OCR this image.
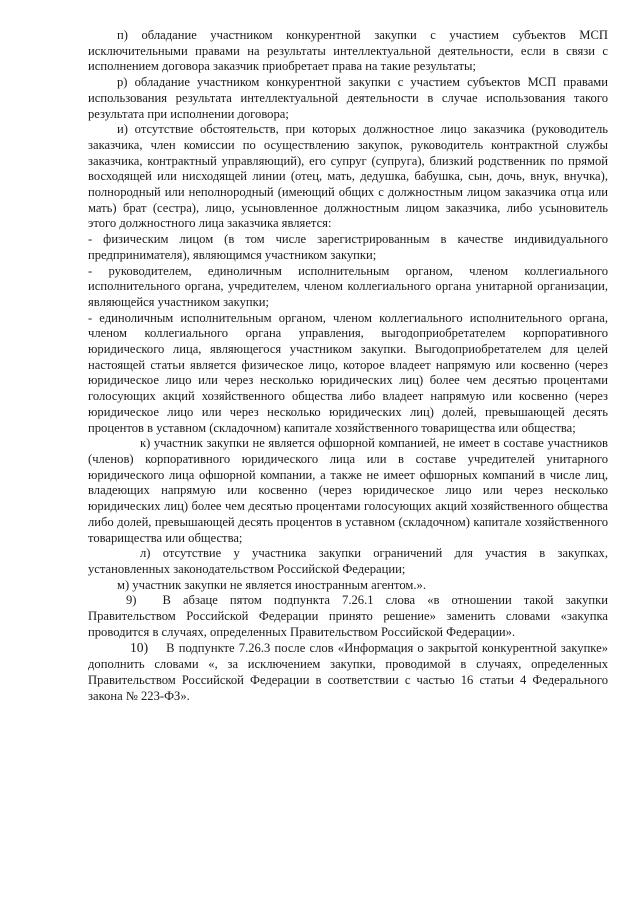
п) обладание участником конкурентной закупки с участием субъектов МСП исключительными правами на результаты интеллектуальной деятельности, если в связи с исполнением договора заказчик приобретает права на такие результаты;

р) обладание участником конкурентной закупки с участием субъектов МСП правами использования результата интеллектуальной деятельности в случае использования такого результата при исполнении договора;

и) отсутствие обстоятельств, при которых должностное лицо заказчика (руководитель заказчика, член комиссии по осуществлению закупок, руководитель контрактной службы заказчика, контрактный управляющий), его супруг (супруга), близкий родственник по прямой восходящей или нисходящей линии (отец, мать, дедушка, бабушка, сын, дочь, внук, внучка), полнородный или неполнородный (имеющий общих с должностным лицом заказчика отца или мать) брат (сестра), лицо, усыновленное должностным лицом заказчика, либо усыновитель этого должностного лица заказчика является:

- физическим лицом (в том числе зарегистрированным в качестве индивидуального предпринимателя), являющимся участником закупки;

- руководителем, единоличным исполнительным органом, членом коллегиального исполнительного органа, учредителем, членом коллегиального органа унитарной организации, являющейся участником закупки;

- единоличным исполнительным органом, членом коллегиального исполнительного органа, членом коллегиального органа управления, выгодоприобретателем корпоративного юридического лица, являющегося участником закупки. Выгодоприобретателем для целей настоящей статьи является физическое лицо, которое владеет напрямую или косвенно (через юридическое лицо или через несколько юридических лиц) более чем десятью процентами голосующих акций хозяйственного общества либо владеет напрямую или косвенно (через юридическое лицо или через несколько юридических лиц) долей, превышающей десять процентов в уставном (складочном) капитале хозяйственного товарищества или общества;

к) участник закупки не является офшорной компанией, не имеет в составе участников (членов) корпоративного юридического лица или в составе учредителей унитарного юридического лица офшорной компании, а также не имеет офшорных компаний в числе лиц, владеющих напрямую или косвенно (через юридическое лицо или через несколько юридических лиц) более чем десятью процентами голосующих акций хозяйственного общества либо долей, превышающей десять процентов в уставном (складочном) капитале хозяйственного товарищества или общества;

л) отсутствие у участника закупки ограничений для участия в закупках, установленных законодательством Российской Федерации;

м) участник закупки не является иностранным агентом.».

9) В абзаце пятом подпункта 7.26.1 слова «в отношении такой закупки Правительством Российской Федерации принято решение» заменить словами «закупка проводится в случаях, определенных Правительством Российской Федерации».

10) В подпункте 7.26.3 после слов «Информация о закрытой конкурентной закупке» дополнить словами «, за исключением закупки, проводимой в случаях, определенных Правительством Российской Федерации в соответствии с частью 16 статьи 4 Федерального закона № 223-ФЗ».
